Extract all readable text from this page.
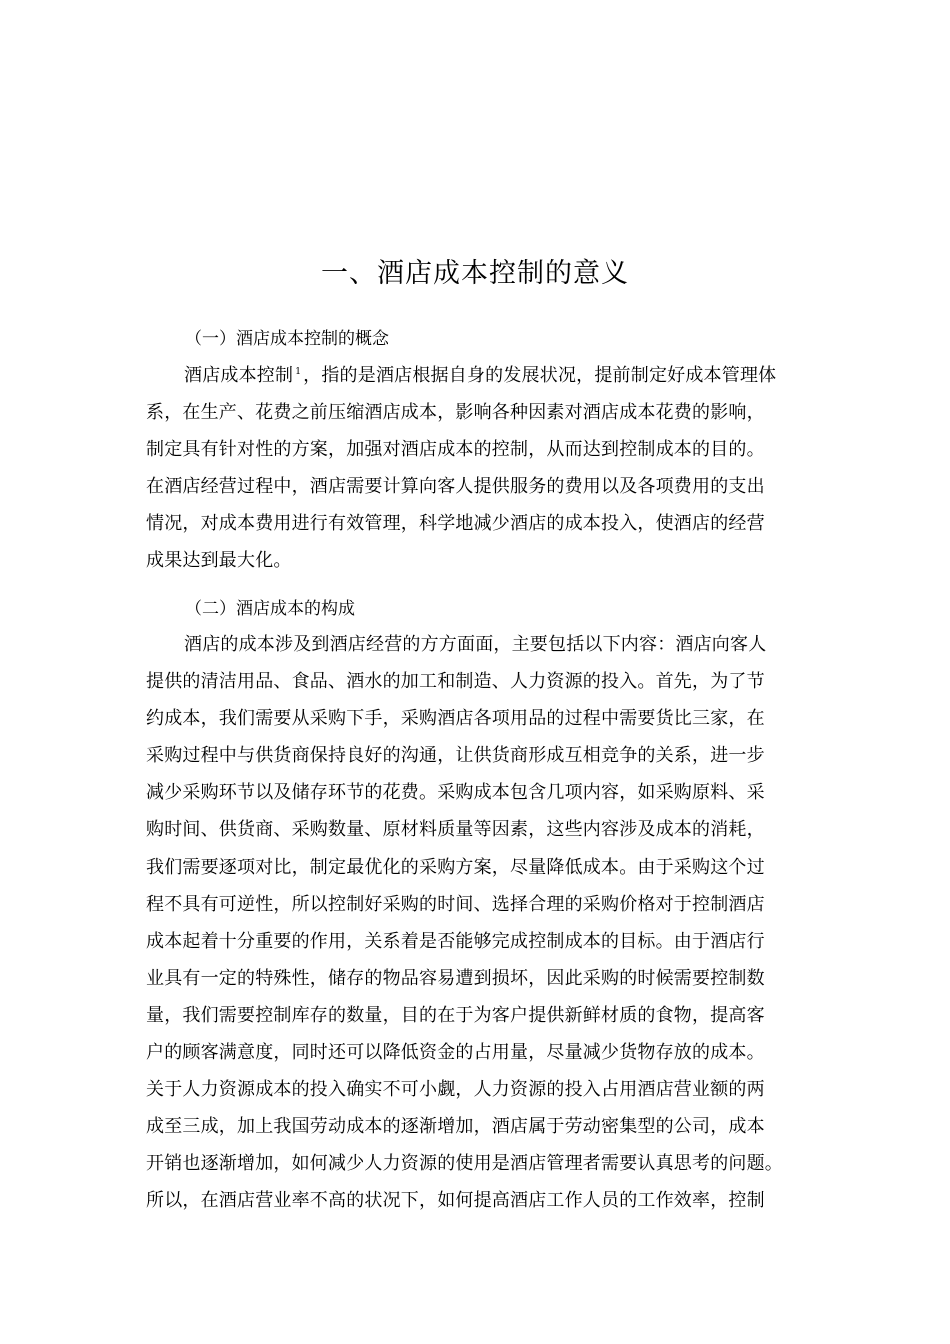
一、酒店成本控制的意义
（一）酒店成本控制的概念
酒店成本控制 $^1$ ，指的是酒店根据自身的发展状况，提前制定好成本管理体
系，在生产、花费之前压缩酒店成本，影响各种因素对酒店成本花费的影响，
制定具有针对性的方案，加强对酒店成本的控制，从而达到控制成本的目的。
在酒店经营过程中，酒店需要计算向客人提供服务的费用以及各项费用的支出
情况，对成本费用进行有效管理，科学地减少酒店的成本投入，使酒店的经营
成果达到最大化。
（二）酒店成本的构成
酒店的成本涉及到酒店经营的方方面面，主要包括以下内容：酒店向客人
提供的清洁用品、食品、酒水的加工和制造、人力资源的投入。首先，为了节
约成本，我们需要从采购下手，采购酒店各项用品的过程中需要货比三家，在
采购过程中与供货商保持良好的沟通，让供货商形成互相竞争的关系，进一步
减少采购环节以及储存环节的花费。采购成本包含几项内容，如采购原料、采
购时间、供货商、采购数量、原材料质量等因素，这些内容涉及成本的消耗，
我们需要逐项对比，制定最优化的采购方案，尽量降低成本。由于采购这个过
程不具有可逆性，所以控制好采购的时间、选择合理的采购价格对于控制酒店
成本起着十分重要的作用，关系着是否能够完成控制成本的目标。由于酒店行
业具有一定的特殊性，储存的物品容易遭到损坏，因此采购的时候需要控制数
量，我们需要控制库存的数量，目的在于为客户提供新鲜材质的食物，提高客
户的顾客满意度，同时还可以降低资金的占用量，尽量减少货物存放的成本。
关于人力资源成本的投入确实不可小觑，人力资源的投入占用酒店营业额的两
成至三成，加上我国劳动成本的逐渐增加，酒店属于劳动密集型的公司，成本
开销也逐渐增加，如何减少人力资源的使用是酒店管理者需要认真思考的问题。
所以，在酒店营业率不高的状况下，如何提高酒店工作人员的工作效率，控制
